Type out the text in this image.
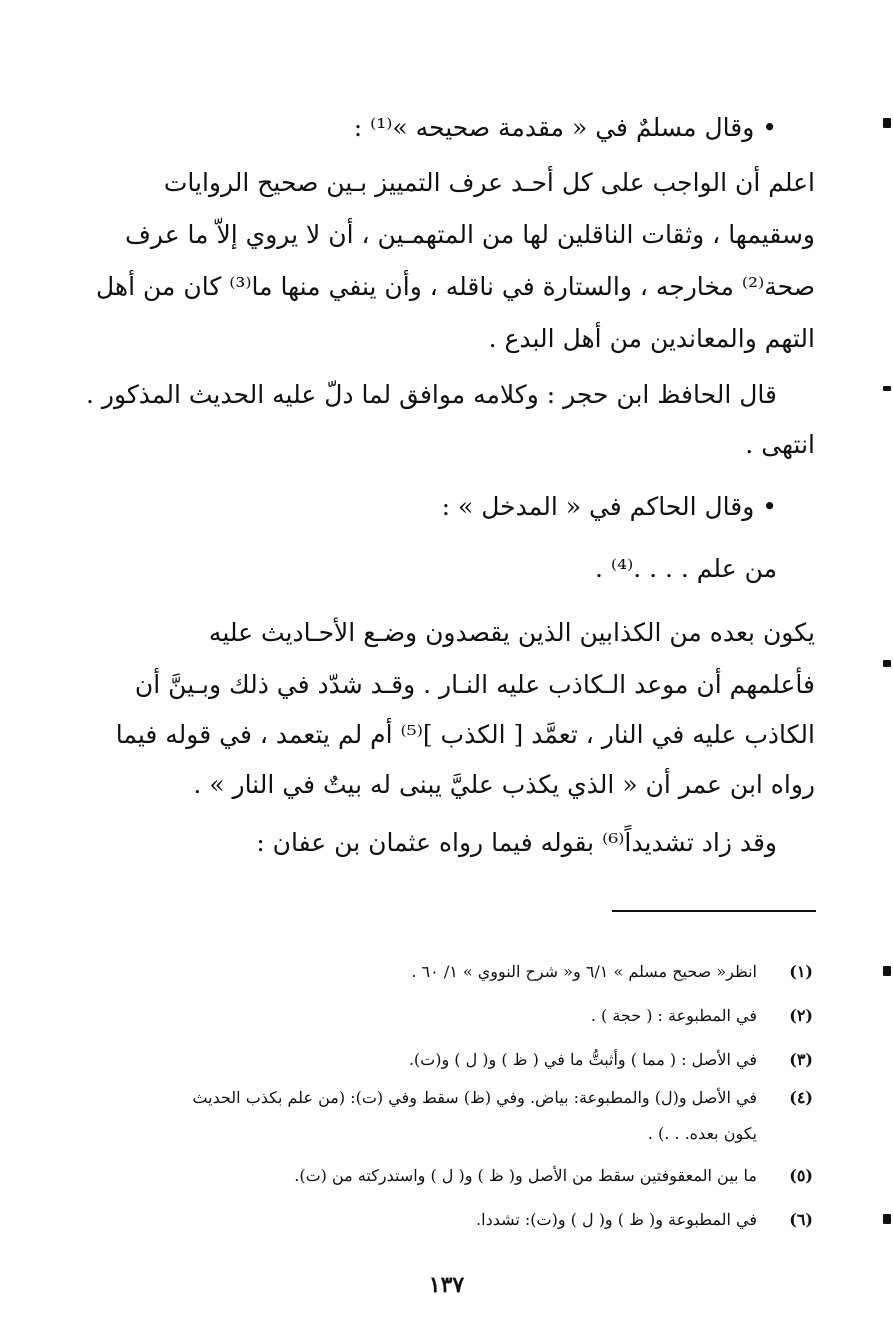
• وقال مسلمٌ في « مقدمة صحيحه »⁽¹⁾ :
اعلم أن الواجب على كل أحـد عرف التمييز بـين صحيح الروايات
وسقيمها ، وثقات الناقلين لها من المتهمـين ، أن لا يروي إلاّ ما عرف
صحة⁽²⁾ مخارجه ، والستارة في ناقله ، وأن ينفي منها ما⁽³⁾ كان من أهل
التهم والمعاندين من أهل البدع .
قال الحافظ ابن حجر : وكلامه موافق لما دلّ عليه الحديث المذكور .
انتهى .
• وقال الحاكم في « المدخل » :
من علم . . . .⁽⁴⁾ .
يكون بعده من الكذابين الذين يقصدون وضـع الأحـاديث عليه
فأعلمهم أن موعد الـكاذب عليه النـار . وقـد شدّد في ذلك وبـينَّ أن
الكاذب عليه في النار ، تعمَّد [ الكذب ]⁽⁵⁾ أم لم يتعمد ، في قوله فيما
رواه ابن عمر أن « الذي يكذب عليَّ يبنى له بيتٌ في النار » .
وقد زاد تشديداً⁽⁶⁾ بقوله فيما رواه عثمان بن عفان :
(١)
انظر« صحيح مسلم » ٦/١ و« شرح النووي » ١/ ٦٠ .
(٢)
في المطبوعة : ( حجة ) .
(٣)
في الأصل : ( مما ) وأثبتُّ ما في ( ظ ) و( ل ) و(ت).
(٤)
في الأصل و(ل) والمطبوعة: بياض. وفي (ظ) سقط وفي (ت): (من علم بكذب الحديث
يكون بعده. . .) .
(٥)
ما بين المعقوفتين سقط من الأصل و( ظ ) و( ل ) واستدركته من (ت).
(٦)
في المطبوعة و( ظ ) و( ل ) و(ت): تشددا.
١٣٧
